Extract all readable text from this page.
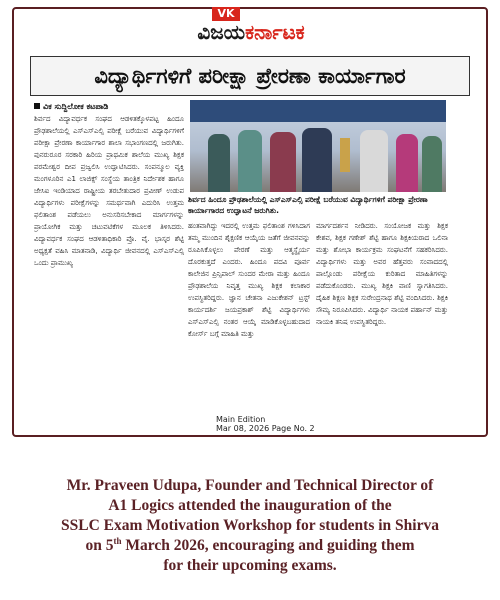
VK
ವಿಜಯಕರ್ನಾಟಕ
ವಿದ್ಯಾರ್ಥಿಗಳಿಗೆ ಪರೀಕ್ಷಾ ಪ್ರೇರಣಾ ಕಾರ್ಯಾಗಾರ
ವಿಕ ಸುದ್ದಿಲೋಕ ಕಟಪಾಡಿ
ಶಿರ್ವದ ವಿದ್ಯಾವರ್ಧಕ ಸಂಘದ ಆಡಳಿತಕ್ಕೊಳಪಟ್ಟ ಹಿಂದೂ ಪ್ರೌಢಶಾಲೆಯಲ್ಲಿ ಎಸ್ಎಸ್ಎಲ್ಸಿ ಪರೀಕ್ಷೆ ಬರೆಯುವ ವಿದ್ಯಾರ್ಥಿಗಳಿಗೆ ಪರೀಕ್ಷಾ ಪ್ರೇರಣಾ ಕಾರ್ಯಾಗಾರ ಶಾಲಾ ಸಭಾಂಗಣದಲ್ಲಿ ಜರುಗಿತು. ಪುನರುರೂರ ಸರಕಾರಿ ಹಿರಿಯ ಪ್ರಾಥಮಿಕ ಶಾಲೆಯ ಮುಖ್ಯ ಶಿಕ್ಷಕ ಪರಮೇಶ್ವರ ದೀಪ ಪ್ರಜ್ವಲಿಸಿ ಉದ್ಘಾಟಿಸಿದರು. ಸಂಪನ್ಮೂಲ ವ್ಯಕ್ತಿ ಮಂಗಳೂರಿನ ಎ1 ಲಾಜಿಕ್ಸ್ ಸಂಸ್ಥೆಯ ತಾಂತ್ರಿಕ ನಿರ್ದೇಶಕ ಹಾಗೂ ಜೇಸಿಐ ಇಂಡಿಯಾದ ರಾಷ್ಟ್ರೀಯ ತರಬೇತುದಾರ ಪ್ರವೀಣ್ ಉಡುಪ ವಿದ್ಯಾರ್ಥಿಗಳು ಪರೀಕ್ಷೆಗಳನ್ನು ಸಮರ್ಥವಾಗಿ ಎದುರಿಸಿ ಉತ್ತಮ ಫಲಿತಾಂಶ ಪಡೆಯಲು ಅನುಸರಿಸಬೇಕಾದ ಮಾರ್ಗಗಳನ್ನು ಪ್ರಾಯೋಗಿಕ ಮತ್ತು ಚಟುವಟಿಕೆಗಳ ಮೂಲಕ ತಿಳಿಸಿದರು. ವಿದ್ಯಾವರ್ಧಕ ಸಂಘದ ಆಡಳಿತಾಧಿಕಾರಿ ಪ್ರೊ. ವೈ. ಭಾಸ್ಕರ ಶೆಟ್ಟಿ ಅಧ್ಯಕ್ಷತೆ ವಹಿಸಿ ಮಾತನಾಡಿ, ವಿದ್ಯಾರ್ಥಿ ಜೀವನದಲ್ಲಿ ಎಸ್ಎಸ್ಎಲ್ಸಿ ಒಂದು ಪ್ರಾಮುಖ್ಯ
ಶಿರ್ವದ ಹಿಂದೂ ಪ್ರೌಢಶಾಲೆಯಲ್ಲಿ ಎಸ್ಎಸ್ಎಲ್ಸಿ ಪರೀಕ್ಷೆ ಬರೆಯುವ ವಿದ್ಯಾರ್ಥಿಗಳಿಗೆ ಪರೀಕ್ಷಾ ಪ್ರೇರಣಾ ಕಾರ್ಯಾಗಾರದ ಉದ್ಘಾಟನೆ ಜರುಗಿತು.
ಹಂತವಾಗಿದ್ದು ಇದರಲ್ಲಿ ಉತ್ತಮ ಫಲಿತಾಂಶ ಗಳಿಸಿದಾಗ ತಮ್ಮ ಮುಂದಿನ ಶೈಕ್ಷಣಿಕ ಆಯ್ಕೆಯ ಜತೆಗೆ ಜೀವನವನ್ನು ರೂಪಿಸಿಕೊಳ್ಳಲು ಪೇರಣೆ ಮತ್ತು ಆತ್ಮಸ್ಥೈರ್ಯ ದೊರಕುತ್ತದೆ ಎಂದರು. ಹಿಂದೂ ಪದವಿ ಪೂರ್ವ ಕಾಲೇಜಿನ ಪ್ರಿನ್ಸಿಪಾಲ್ ಸುಂದರ ಮೇರಾ ಮತ್ತು ಹಿಂದೂ ಪ್ರೌಢಶಾಲೆಯ ನಿವೃತ್ತ ಮುಖ್ಯ ಶಿಕ್ಷಕ ಕಲಾಕಾರ ಉಪಸ್ಥಿತರಿದ್ದರು. ಜ್ಞಾನ ಚೇತನಾ ಎಜುಕೇಶನ್ ಟ್ರಸ್ಟ್ ಕಾರ್ಯದರ್ಶಿ ಜಯಪ್ರಕಾಶ್ ಶೆಟ್ಟಿ ವಿದ್ಯಾರ್ಥಿಗಳು ಎಸ್ಎಸ್ಎಲ್ಸಿ ನಂತರ ಆಯ್ಕೆ ಮಾಡಿಕೊಳ್ಳಬಹುದಾದ ಕೋರ್ಸ್ ಬಗ್ಗೆ ಮಾಹಿತಿ ಮತ್ತು
ಮಾರ್ಗದರ್ಶನ ನೀಡಿದರು. ಸಂಯೋಜಕ ಮತ್ತು ಶಿಕ್ಷಕ ಕೇಶವ, ಶಿಕ್ಷಕ ಗಣೇಶ್ ಶೆಟ್ಟಿ ಹಾಗೂ ಶಿಕ್ಷಕಿಯರಾದ ಒಲಿನಾ ಮತ್ತು ಶೋಭಾ ಕಾರ್ಯಕ್ರಮ ಸಂಘಟನೆಗೆ ಸಹಕರಿಸಿದರು. ವಿದ್ಯಾರ್ಥಿಗಳು ಮತ್ತು ಅವರ ಹೆತ್ತವರು ಸಂವಾದದಲ್ಲಿ ಪಾಲ್ಗೊಂಡು ಪರೀಕ್ಷೆಯ ಕುರಿತಾದ ಮಾಹಿತಿಗಳನ್ನು ಪಡೆದುಕೊಂಡರು. ಮುಖ್ಯ ಶಿಕ್ಷಕಿ ವಾಣಿ ಸ್ವಾಗತಿಸಿದರು. ದೈಹಿಕ ಶಿಕ್ಷಣ ಶಿಕ್ಷಕ ಸುರೇಂದ್ರನಾಥ ಶೆಟ್ಟಿ ವಂದಿಸಿದರು. ಶಿಕ್ಷಕಿ ಸೌಮ್ಯ ನಿರೂಪಿಸಿದರು. ವಿದ್ಯಾರ್ಥಿ ನಾಯಕ ಪರ್ಹಾನ್ ಮತ್ತು ನಾಯಕಿ ತನಿಷ ಉಪಸ್ಥಿತರಿದ್ದರು.
Main Edition
Mar 08, 2026 Page No. 2
Mr. Praveen Udupa, Founder and Technical Director of
A1 Logics attended the inauguration of the
SSLC Exam Motivation Workshop for students in Shirva
on 5th March 2026, encouraging and guiding them
for their upcoming exams.
